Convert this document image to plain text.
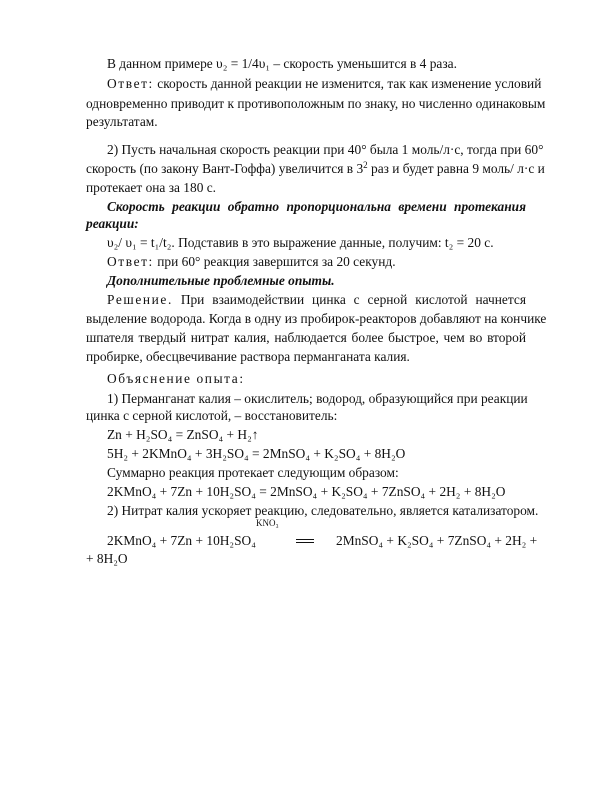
В данном примере υ₂ = 1/4υ₁ – скорость уменьшится в 4 раза.
Ответ: скорость данной реакции не изменится, так как изменение условий
одновременно приводит к противоположным по знаку, но численно одинаковым
результатам.
2) Пусть начальная скорость реакции при 40° была 1 моль/л·с, тогда при 60°
скорость (по закону Вант-Гоффа) увеличится в $3^2$ раз и будет равна 9 моль/ л·с и
протекает она за 180 с.
Скорость реакции обратно пропорциональна времени протекания
реакции:
υ₂/ υ₁ = t₁/t₂. Подставив в это выражение данные, получим: t₂ = 20 с.
Ответ: при 60° реакция завершится за 20 секунд.
Дополнительные проблемные опыты.
Решение. При взаимодействии цинка с серной кислотой начнется
выделение водорода. Когда в одну из пробирок-реакторов добавляют на кончике
шпателя твердый нитрат калия, наблюдается более быстрое, чем во второй
пробирке, обесцвечивание раствора перманганата калия.
Объяснение опыта:
1) Перманганат калия – окислитель; водород, образующийся при реакции
цинка с серной кислотой, – восстановитель:
Zn + H₂SO₄ = ZnSO₄ + H₂↑
5H₂ + 2KMnO₄ + 3H₂SO₄ = 2MnSO₄ + K₂SO₄ + 8H₂O
Суммарно реакция протекает следующим образом:
2KMnO₄ + 7Zn + 10H₂SO₄ = 2MnSO₄ + K₂SO₄ + 7ZnSO₄ + 2H₂ + 8H₂O
2) Нитрат калия ускоряет реакцию, следовательно, является катализатором.
KNO₃
2KMnO₄ + 7Zn + 10H₂SO₄	2MnSO₄ + K₂SO₄ + 7ZnSO₄ + 2H₂ +
+ 8H₂O
